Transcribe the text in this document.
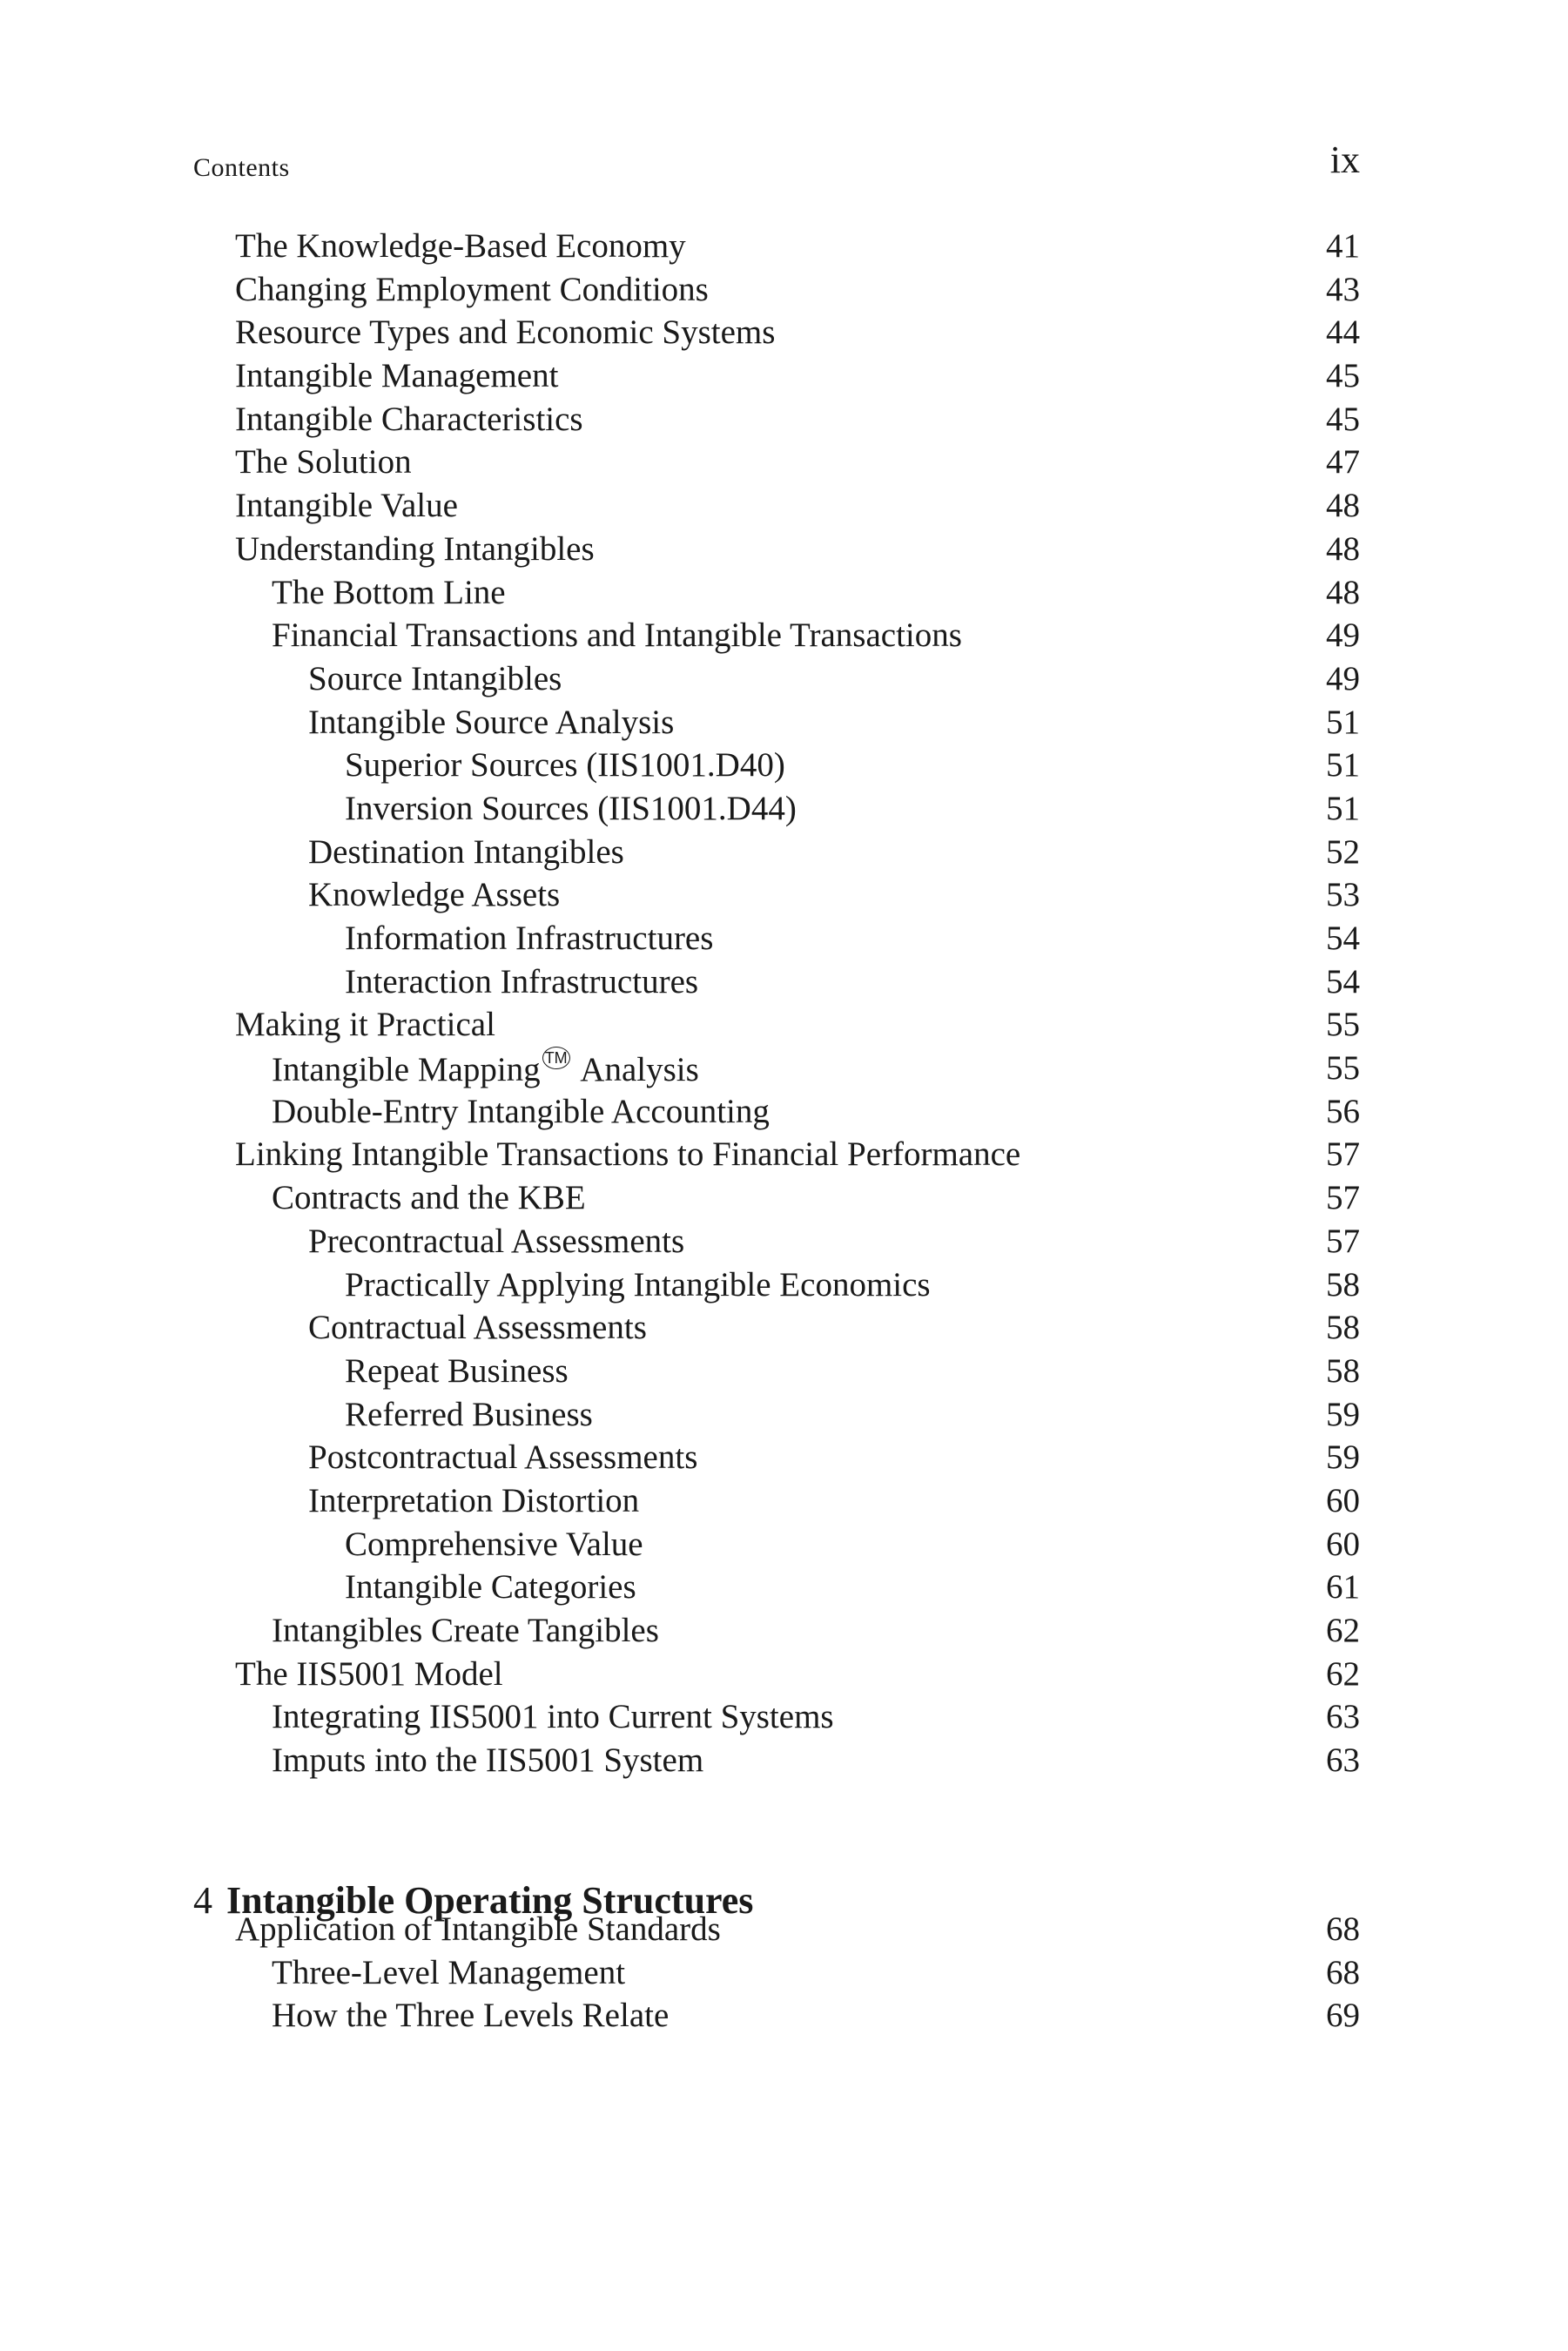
Contents	ix
The Knowledge-Based Economy	41
Changing Employment Conditions	43
Resource Types and Economic Systems	44
Intangible Management	45
Intangible Characteristics	45
The Solution	47
Intangible Value	48
Understanding Intangibles	48
The Bottom Line	48
Financial Transactions and Intangible Transactions	49
Source Intangibles	49
Intangible Source Analysis	51
Superior Sources (IIS1001.D40)	51
Inversion Sources (IIS1001.D44)	51
Destination Intangibles	52
Knowledge Assets	53
Information Infrastructures	54
Interaction Infrastructures	54
Making it Practical	55
Intangible Mapping TM Analysis	55
Double-Entry Intangible Accounting	56
Linking Intangible Transactions to Financial Performance	57
Contracts and the KBE	57
Precontractual Assessments	57
Practically Applying Intangible Economics	58
Contractual Assessments	58
Repeat Business	58
Referred Business	59
Postcontractual Assessments	59
Interpretation Distortion	60
Comprehensive Value	60
Intangible Categories	61
Intangibles Create Tangibles	62
The IIS5001 Model	62
Integrating IIS5001 into Current Systems	63
Imputs into the IIS5001 System	63
4 Intangible Operating Structures
Application of Intangible Standards	68
Three-Level Management	68
How the Three Levels Relate	69
